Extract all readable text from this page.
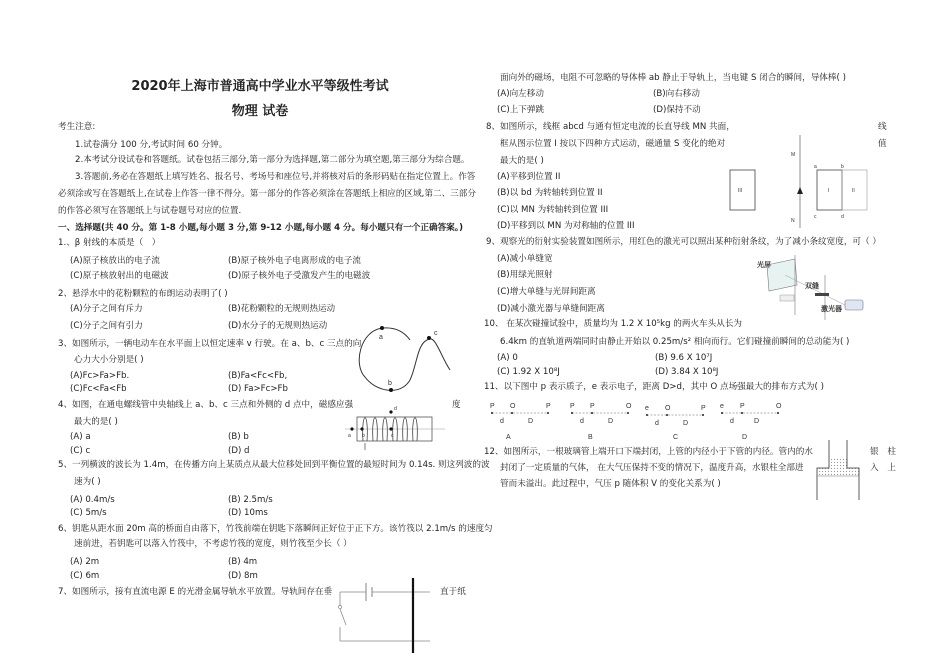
2020年上海市普通高中学业水平等级性考试
物理 试卷
考生注意:
1.试卷满分 100 分,考试时间 60 分钟。
2.本考试分设试卷和答题纸。试卷包括三部分,第一部分为选择题,第二部分为填空题,第三部分为综合题。
3.答题前,务必在答题纸上填写姓名、报名号、考场号和座位号,并将核对后的条形码贴在指定位置上。作答
必须涂或写在答题纸上,在试卷上作答一律不得分。第一部分的作答必须涂在答题纸上相应的区域,第二、三部分
的作答必须写在答题纸上与试卷题号对应的位置.
一、选择题(共 40 分。第 1-8 小题,每小题 3 分,第 9-12 小题,每小题 4 分。每小题只有一个正确答案。)
1.、β 射线的本质是（　）
(A)原子核放出的电子流	(B)原子核外电子电离形成的电子流
(C)原子核放射出的电磁波	(D)原子核外电子受激发产生的电磁波
2、悬浮水中的花粉颗粒的布朗运动表明了( )
(A)分子之间有斥力	(B)花粉颗粒的无规则热运动
(C)分子之间有引力	(D)水分子的无规则热运动
3、如图所示，一辆电动车在水平面上以恒定速率 v 行驶。在 a、b、c 三点的向
心力大小分别是( )
(A)Fc>Fa>Fb.	(B)Fa<Fc<Fb,
(C)Fc<Fa<Fb	(D) Fa>Fc>Fb
a
b
c
4、如图，在通电螺线管中央轴线上 a、b、c 三点和外侧的 d 点中，磁感应强	度
最大的是( )
(A) a	(B) b
(C) c	(D) d
a b	c
d
5、一列横波的波长为 1.4m，在传播方向上某质点从最大位移处回到平衡位置的最短时间为 0.14s. 则这列波的波
速为( )
(A) 0.4m/s	(B) 2.5m/s
(C) 5m/s	(D) 10ms
6、钥匙从距水面 20m 高的桥面自由落下，竹筏前端在钥匙下落瞬间正好位于正下方。该竹筏以 2.1m/s 的速度匀
速前进，若钥匙可以落入竹筏中，不考虑竹筏的宽度，则竹筏至少长（ ）
(A) 2m	(B) 4m
(C) 6m	(D) 8m
7、如图所示，接有直流电源 E 的光滑金属导轨水平放置。导轨间存在垂	直于纸
面向外的磁场，电阻不可忽略的导体棒 ab 静止于导轨上，当电键 S 闭合的瞬间，导体棒( )
(C)上下弹跳	(D)保持不动
8、如图所示，线框 abcd 与通有恒定电流的长直导线 MN 共面，	线
框从图示位置 I 按以下四种方式运动，磁通量 S 变化的绝对	值
最大的是( )
(A)平移到位置 II
(B)以 bd 为转轴转到位置 II
(C)以 MN 为转轴转到位置 III
(D)平移到以 MN 为对称轴的位置 III
M
N
a	b
c	d
I	II
III
9、观察光的衍射实验装置如图所示，用红色的激光可以照出某种衍射条纹，为了减小条纹宽度，可（ ）
(A)减小单缝宽
(B)用绿光照射
(C)增大单缝与光屏间距离
(D)减小激光器与单缝间距离
光屏
双缝
激光器
10、 在某次碰撞试验中，质量均为 1.2 X 10⁵kg 的两火车头从长为
6.4km 的直轨道两端同时由静止开始以 0.25m/s² 相向而行。它们碰撞前瞬间的总动能为( )
(A) 0	(B) 9.6 X 10⁷J
(C) 1.92 X 10⁸J	(D) 3.84 X 10⁸J
11、以下图中 p 表示质子，e 表示电子，距离 D>d，其中 O 点场强最大的排布方式为( )
P O	P
d	D
A
P P	O
d	D
B
e O	P
d	D
C
e P	O
d	D
D
12、如图所示，一根玻璃管上端开口下端封闭，上管的内径小于下管的内径。管内的水	银 柱
封闭了一定质量的气体， 在大气压保持不变的情况下，温度升高，水银柱全部进	入 上
管而未溢出。此过程中，气压 p 随体积 V 的变化关系为( )
(A)向左移动	(B)向右移动
